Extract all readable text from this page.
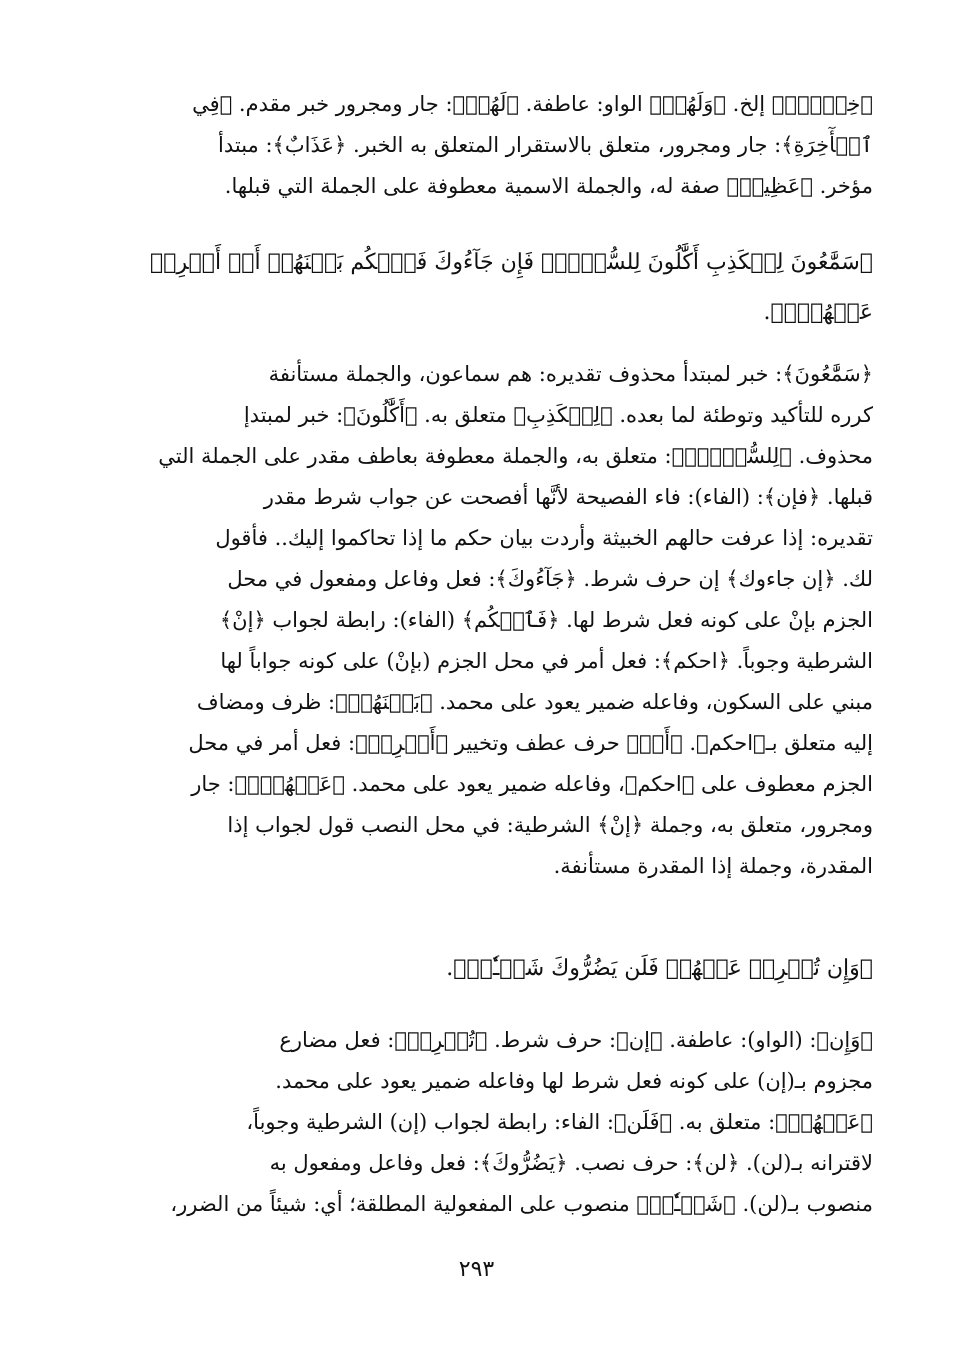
﴿خِزۡيٞۖ﴾ إلخ. ﴿وَلَهُمۡ﴾ الواو: عاطفة. ﴿لَهُمۡ﴾: جار ومجرور خبر مقدم. ﴿فِي
ٱلۡأٓخِرَةِ﴾: جار ومجرور، متعلق بالاستقرار المتعلق به الخبر. ﴿عَذَابٌ﴾: مبتدأ
مؤخر. ﴿عَظِيمٞ﴾ صفة له، والجملة الاسمية معطوفة على الجملة التي قبلها.

﴿سَمَّٰعُونَ لِلۡكَذِبِ أَكَّٰلُونَ لِلسُّحۡتِۚ فَإِن جَآءُوكَ فَٱحۡكُم بَيۡنَهُمۡ أَوۡ أَعۡرِضۡ
عَنۡهُمۡۖ﴾.

﴿سَمَّٰعُونَ﴾: خبر لمبتدأ محذوف تقديره: هم سماعون، والجملة مستأنفة
كرره للتأكيد وتوطئة لما بعده. ﴿لِلۡكَذِبِ﴾ متعلق به. ﴿أَكَّٰلُونَ﴾: خبر لمبتدإ
محذوف. ﴿لِلسُّحۡتِۚ﴾: متعلق به، والجملة معطوفة بعاطف مقدر على الجملة التي
قبلها. ﴿فإن﴾: (الفاء): فاء الفصيحة لأنَّها أفصحت عن جواب شرط مقدر
تقديره: إذا عرفت حالهم الخبيثة وأردت بيان حكم ما إذا تحاكموا إليك.. فأقول
لك. ﴿إن جاءوك﴾ إن حرف شرط. ﴿جَآءُوكَ﴾: فعل وفاعل ومفعول في محل
الجزم بإنْ على كونه فعل شرط لها. ﴿فَٱحۡكُم﴾ (الفاء): رابطة لجواب ﴿إنْ﴾
الشرطية وجوباً. ﴿احكم﴾: فعل أمر في محل الجزم (بإنْ) على كونه جواباً لها
مبني على السكون، وفاعله ضمير يعود على محمد. ﴿بَيۡنَهُمۡ﴾: ظرف ومضاف
إليه متعلق بـ﴿احكم﴾. ﴿أَوۡ﴾ حرف عطف وتخيير ﴿أَعۡرِضۡ﴾: فعل أمر في محل
الجزم معطوف على ﴿احكم﴾، وفاعله ضمير يعود على محمد. ﴿عَنۡهُمۡۖ﴾: جار
ومجرور، متعلق به، وجملة ﴿إنْ﴾ الشرطية: في محل النصب قول لجواب إذا
المقدرة، وجملة إذا المقدرة مستأنفة.

﴿وَإِن تُعۡرِضۡ عَنۡهُمۡ فَلَن يَضُرُّوكَ شَيۡـٔٗاۖ﴾.

﴿وَإِن﴾: (الواو): عاطفة. ﴿إن﴾: حرف شرط. ﴿تُعۡرِضۡ﴾: فعل مضارع
مجزوم بـ(إن) على كونه فعل شرط لها وفاعله ضمير يعود على محمد.
﴿عَنۡهُمۡ﴾: متعلق به. ﴿فَلَن﴾: الفاء: رابطة لجواب (إن) الشرطية وجوباً،
لاقترانه بـ(لن). ﴿لن﴾: حرف نصب. ﴿يَضُرُّوكَ﴾: فعل وفاعل ومفعول به
منصوب بـ(لن). ﴿شَيۡـٔٗاۖ﴾ منصوب على المفعولية المطلقة؛ أي: شيئاً من الضرر،

٢٩٣
